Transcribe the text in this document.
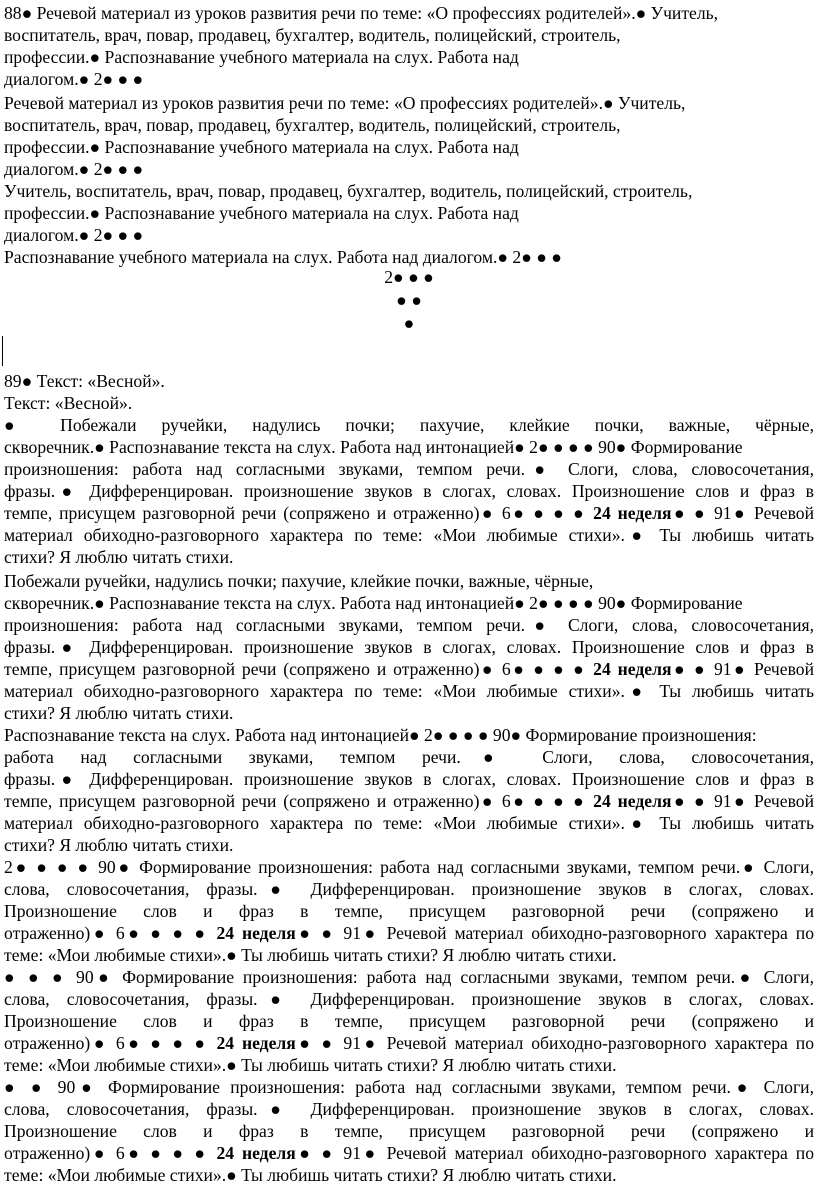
88● Речевой материал из уроков развития речи по теме: «О профессиях родителей».● Учитель,
воспитатель, врач, повар, продавец, бухгалтер, водитель, полицейский, строитель,
профессии.● Распознавание учебного материала на слух. Работа над
диалогом.● 2● ● ●
Речевой материал из уроков развития речи по теме: «О профессиях родителей».● Учитель,
воспитатель, врач, повар, продавец, бухгалтер, водитель, полицейский, строитель,
профессии.● Распознавание учебного материала на слух. Работа над
диалогом.● 2● ● ●
Учитель, воспитатель, врач, повар, продавец, бухгалтер, водитель, полицейский, строитель,
профессии.● Распознавание учебного материала на слух. Работа над
диалогом.● 2● ● ●
Распознавание учебного материала на слух. Работа над диалогом.● 2● ● ●
2● ● ●
● ●
●
89● Текст: «Весной».
Текст: «Весной».
● Побежали ручейки, надулись почки; пахучие, клейкие почки, важные, чёрные,
скворечник.● Распознавание текста на слух. Работа над интонацией● 2● ● ● ● 90● Формирование
произношения: работа над согласными звуками, темпом речи.● Слоги, слова, словосочетания,
фразы.● Дифференцирован. произношение звуков в слогах, словах. Произношение слов и фраз в
темпе, присущем разговорной речи (сопряжено и отраженно)● 6● ● ● ● 24 неделя● ● 91● Речевой
материал обиходно-разговорного характера по теме: «Мои любимые стихи».● Ты любишь читать
стихи? Я люблю читать стихи.
Побежали ручейки, надулись почки; пахучие, клейкие почки, важные, чёрные,
скворечник.● Распознавание текста на слух. Работа над интонацией● 2● ● ● ● 90● Формирование
произношения: работа над согласными звуками, темпом речи.● Слоги, слова, словосочетания,
фразы.● Дифференцирован. произношение звуков в слогах, словах. Произношение слов и фраз в
темпе, присущем разговорной речи (сопряжено и отраженно)● 6● ● ● ● 24 неделя● ● 91● Речевой
материал обиходно-разговорного характера по теме: «Мои любимые стихи».● Ты любишь читать
стихи? Я люблю читать стихи.
Распознавание текста на слух. Работа над интонацией● 2● ● ● ● 90● Формирование произношения:
работа над согласными звуками, темпом речи.● Слоги, слова, словосочетания,
фразы.● Дифференцирован. произношение звуков в слогах, словах. Произношение слов и фраз в
темпе, присущем разговорной речи (сопряжено и отраженно)● 6● ● ● ● 24 неделя● ● 91● Речевой
материал обиходно-разговорного характера по теме: «Мои любимые стихи».● Ты любишь читать
стихи? Я люблю читать стихи.
2● ● ● ● 90● Формирование произношения: работа над согласными звуками, темпом речи.● Слоги,
слова, словосочетания, фразы.● Дифференцирован. произношение звуков в слогах, словах.
Произношение слов и фраз в темпе, присущем разговорной речи (сопряжено и
отраженно)● 6● ● ● ● 24 неделя● ● 91● Речевой материал обиходно-разговорного характера по
теме: «Мои любимые стихи».● Ты любишь читать стихи? Я люблю читать стихи.
● ● ● 90● Формирование произношения: работа над согласными звуками, темпом речи.● Слоги,
слова, словосочетания, фразы.● Дифференцирован. произношение звуков в слогах, словах.
Произношение слов и фраз в темпе, присущем разговорной речи (сопряжено и
отраженно)● 6● ● ● ● 24 неделя● ● 91● Речевой материал обиходно-разговорного характера по
теме: «Мои любимые стихи».● Ты любишь читать стихи? Я люблю читать стихи.
● ● 90● Формирование произношения: работа над согласными звуками, темпом речи.● Слоги,
слова, словосочетания, фразы.● Дифференцирован. произношение звуков в слогах, словах.
Произношение слов и фраз в темпе, присущем разговорной речи (сопряжено и
отраженно)● 6● ● ● ● 24 неделя● ● 91● Речевой материал обиходно-разговорного характера по
теме: «Мои любимые стихи».● Ты любишь читать стихи? Я люблю читать стихи.
